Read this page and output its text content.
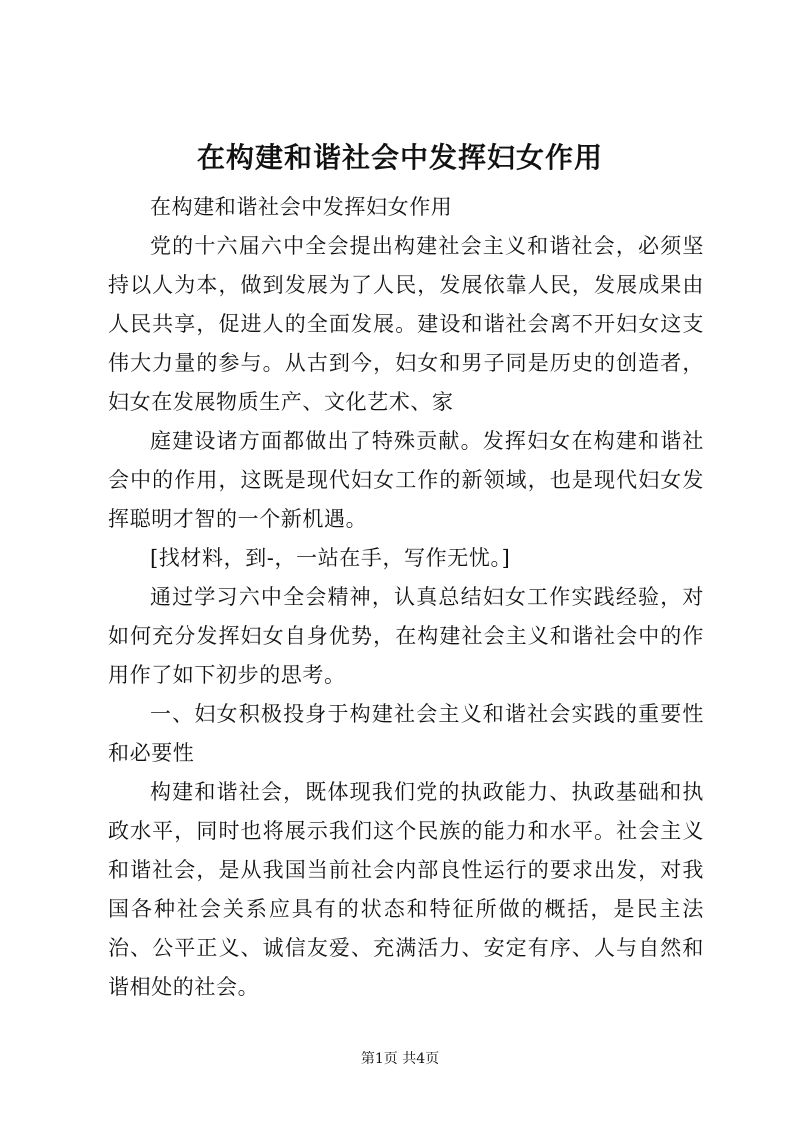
在构建和谐社会中发挥妇女作用

在构建和谐社会中发挥妇女作用

党的十六届六中全会提出构建社会主义和谐社会，必须坚持以人为本，做到发展为了人民，发展依靠人民，发展成果由人民共享，促进人的全面发展。建设和谐社会离不开妇女这支伟大力量的参与。从古到今，妇女和男子同是历史的创造者，妇女在发展物质生产、文化艺术、家

庭建设诸方面都做出了特殊贡献。发挥妇女在构建和谐社会中的作用，这既是现代妇女工作的新领域，也是现代妇女发挥聪明才智的一个新机遇。

[找材料，到-，一站在手，写作无忧。]

通过学习六中全会精神，认真总结妇女工作实践经验，对如何充分发挥妇女自身优势，在构建社会主义和谐社会中的作用作了如下初步的思考。

一、妇女积极投身于构建社会主义和谐社会实践的重要性和必要性

构建和谐社会，既体现我们党的执政能力、执政基础和执政水平，同时也将展示我们这个民族的能力和水平。社会主义和谐社会，是从我国当前社会内部良性运行的要求出发，对我国各种社会关系应具有的状态和特征所做的概括，是民主法治、公平正义、诚信友爱、充满活力、安定有序、人与自然和谐相处的社会。

第1页 共4页
